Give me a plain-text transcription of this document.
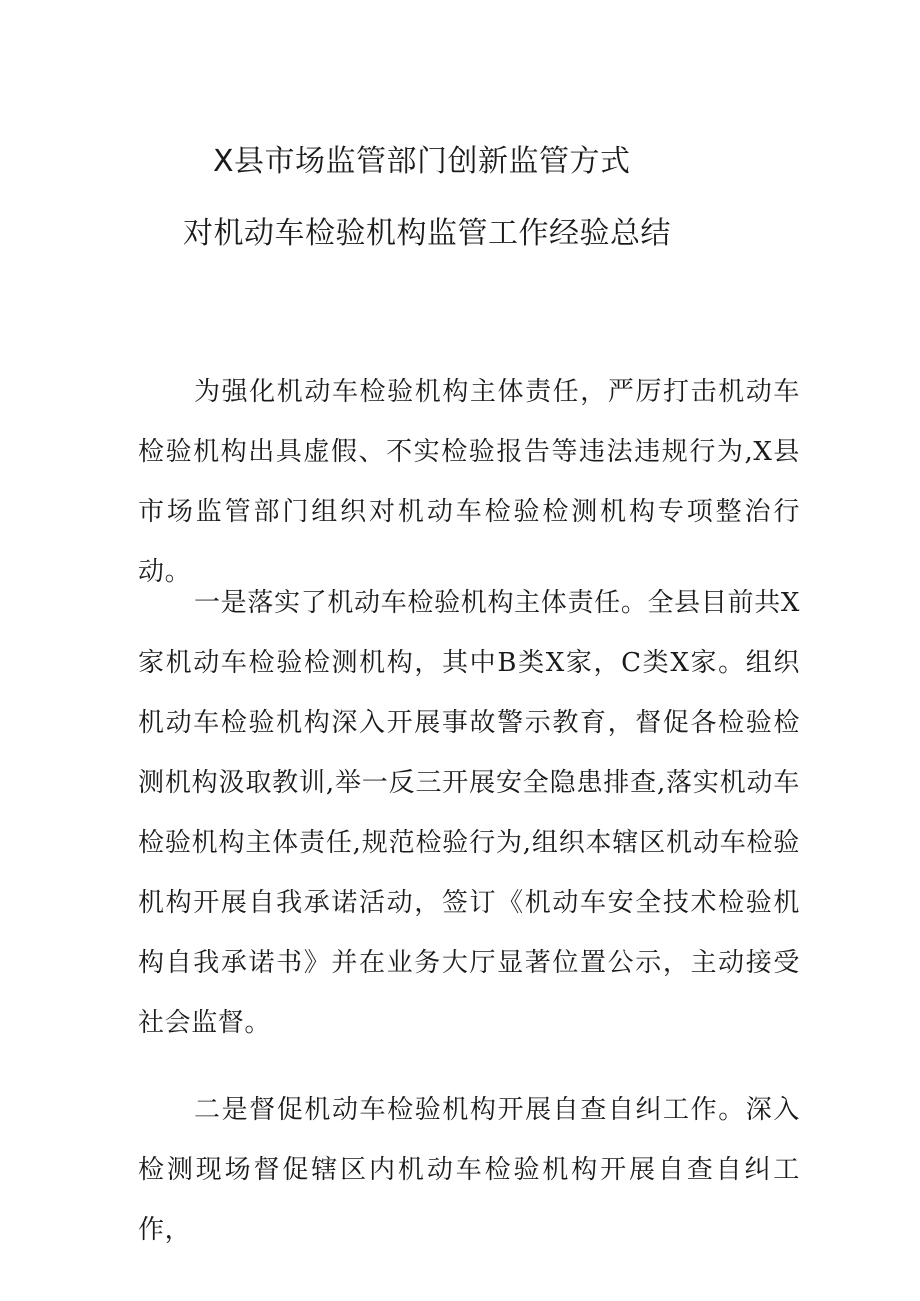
X县市场监管部门创新监管方式
对机动车检验机构监管工作经验总结

为强化机动车检验机构主体责任，严厉打击机动车检验机构出具虚假、不实检验报告等违法违规行为,X县市场监管部门组织对机动车检验检测机构专项整治行动。

一是落实了机动车检验机构主体责任。全县目前共X家机动车检验检测机构，其中B类X家，C类X家。组织机动车检验机构深入开展事故警示教育，督促各检验检测机构汲取教训,举一反三开展安全隐患排查,落实机动车检验机构主体责任,规范检验行为,组织本辖区机动车检验机构开展自我承诺活动，签订《机动车安全技术检验机构自我承诺书》并在业务大厅显著位置公示，主动接受社会监督。

二是督促机动车检验机构开展自查自纠工作。深入检测现场督促辖区内机动车检验机构开展自查自纠工作，
